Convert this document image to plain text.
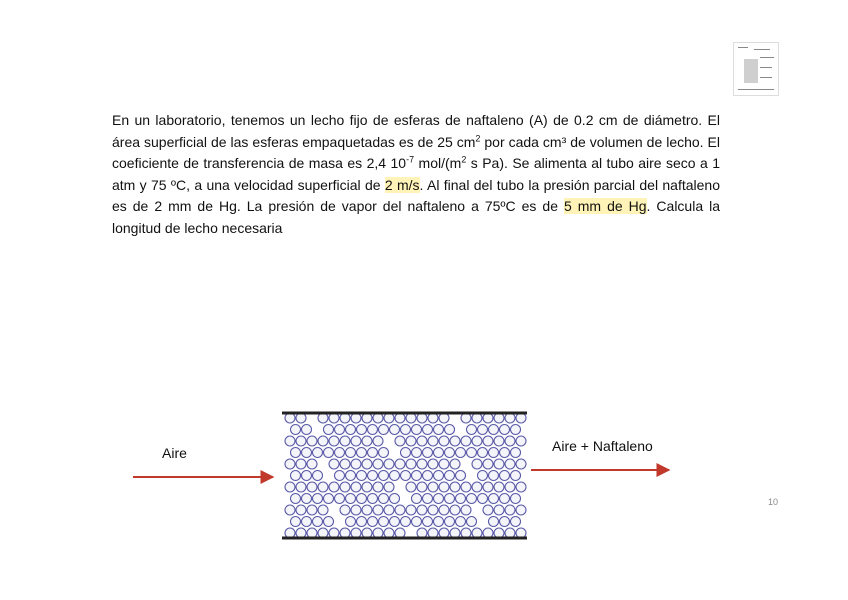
En un laboratorio, tenemos un lecho fijo de esferas de naftaleno (A) de 0.2 cm de diámetro. El área superficial de las esferas empaquetadas es de 25 $cm^2$ por cada cm³ de volumen de lecho. El coeficiente de transferencia de masa es 2,4 $10^{-7}$ mol/($m^2$ s Pa). Se alimenta al tubo aire seco a 1 atm y 75 ºC, a una velocidad superficial de 2 m/s. Al final del tubo la presión parcial del naftaleno es de 2 mm de Hg. La presión de vapor del naftaleno a 75ºC es de 5 mm de Hg. Calcula la longitud de lecho necesaria

Aire	Aire + Naftaleno
10
